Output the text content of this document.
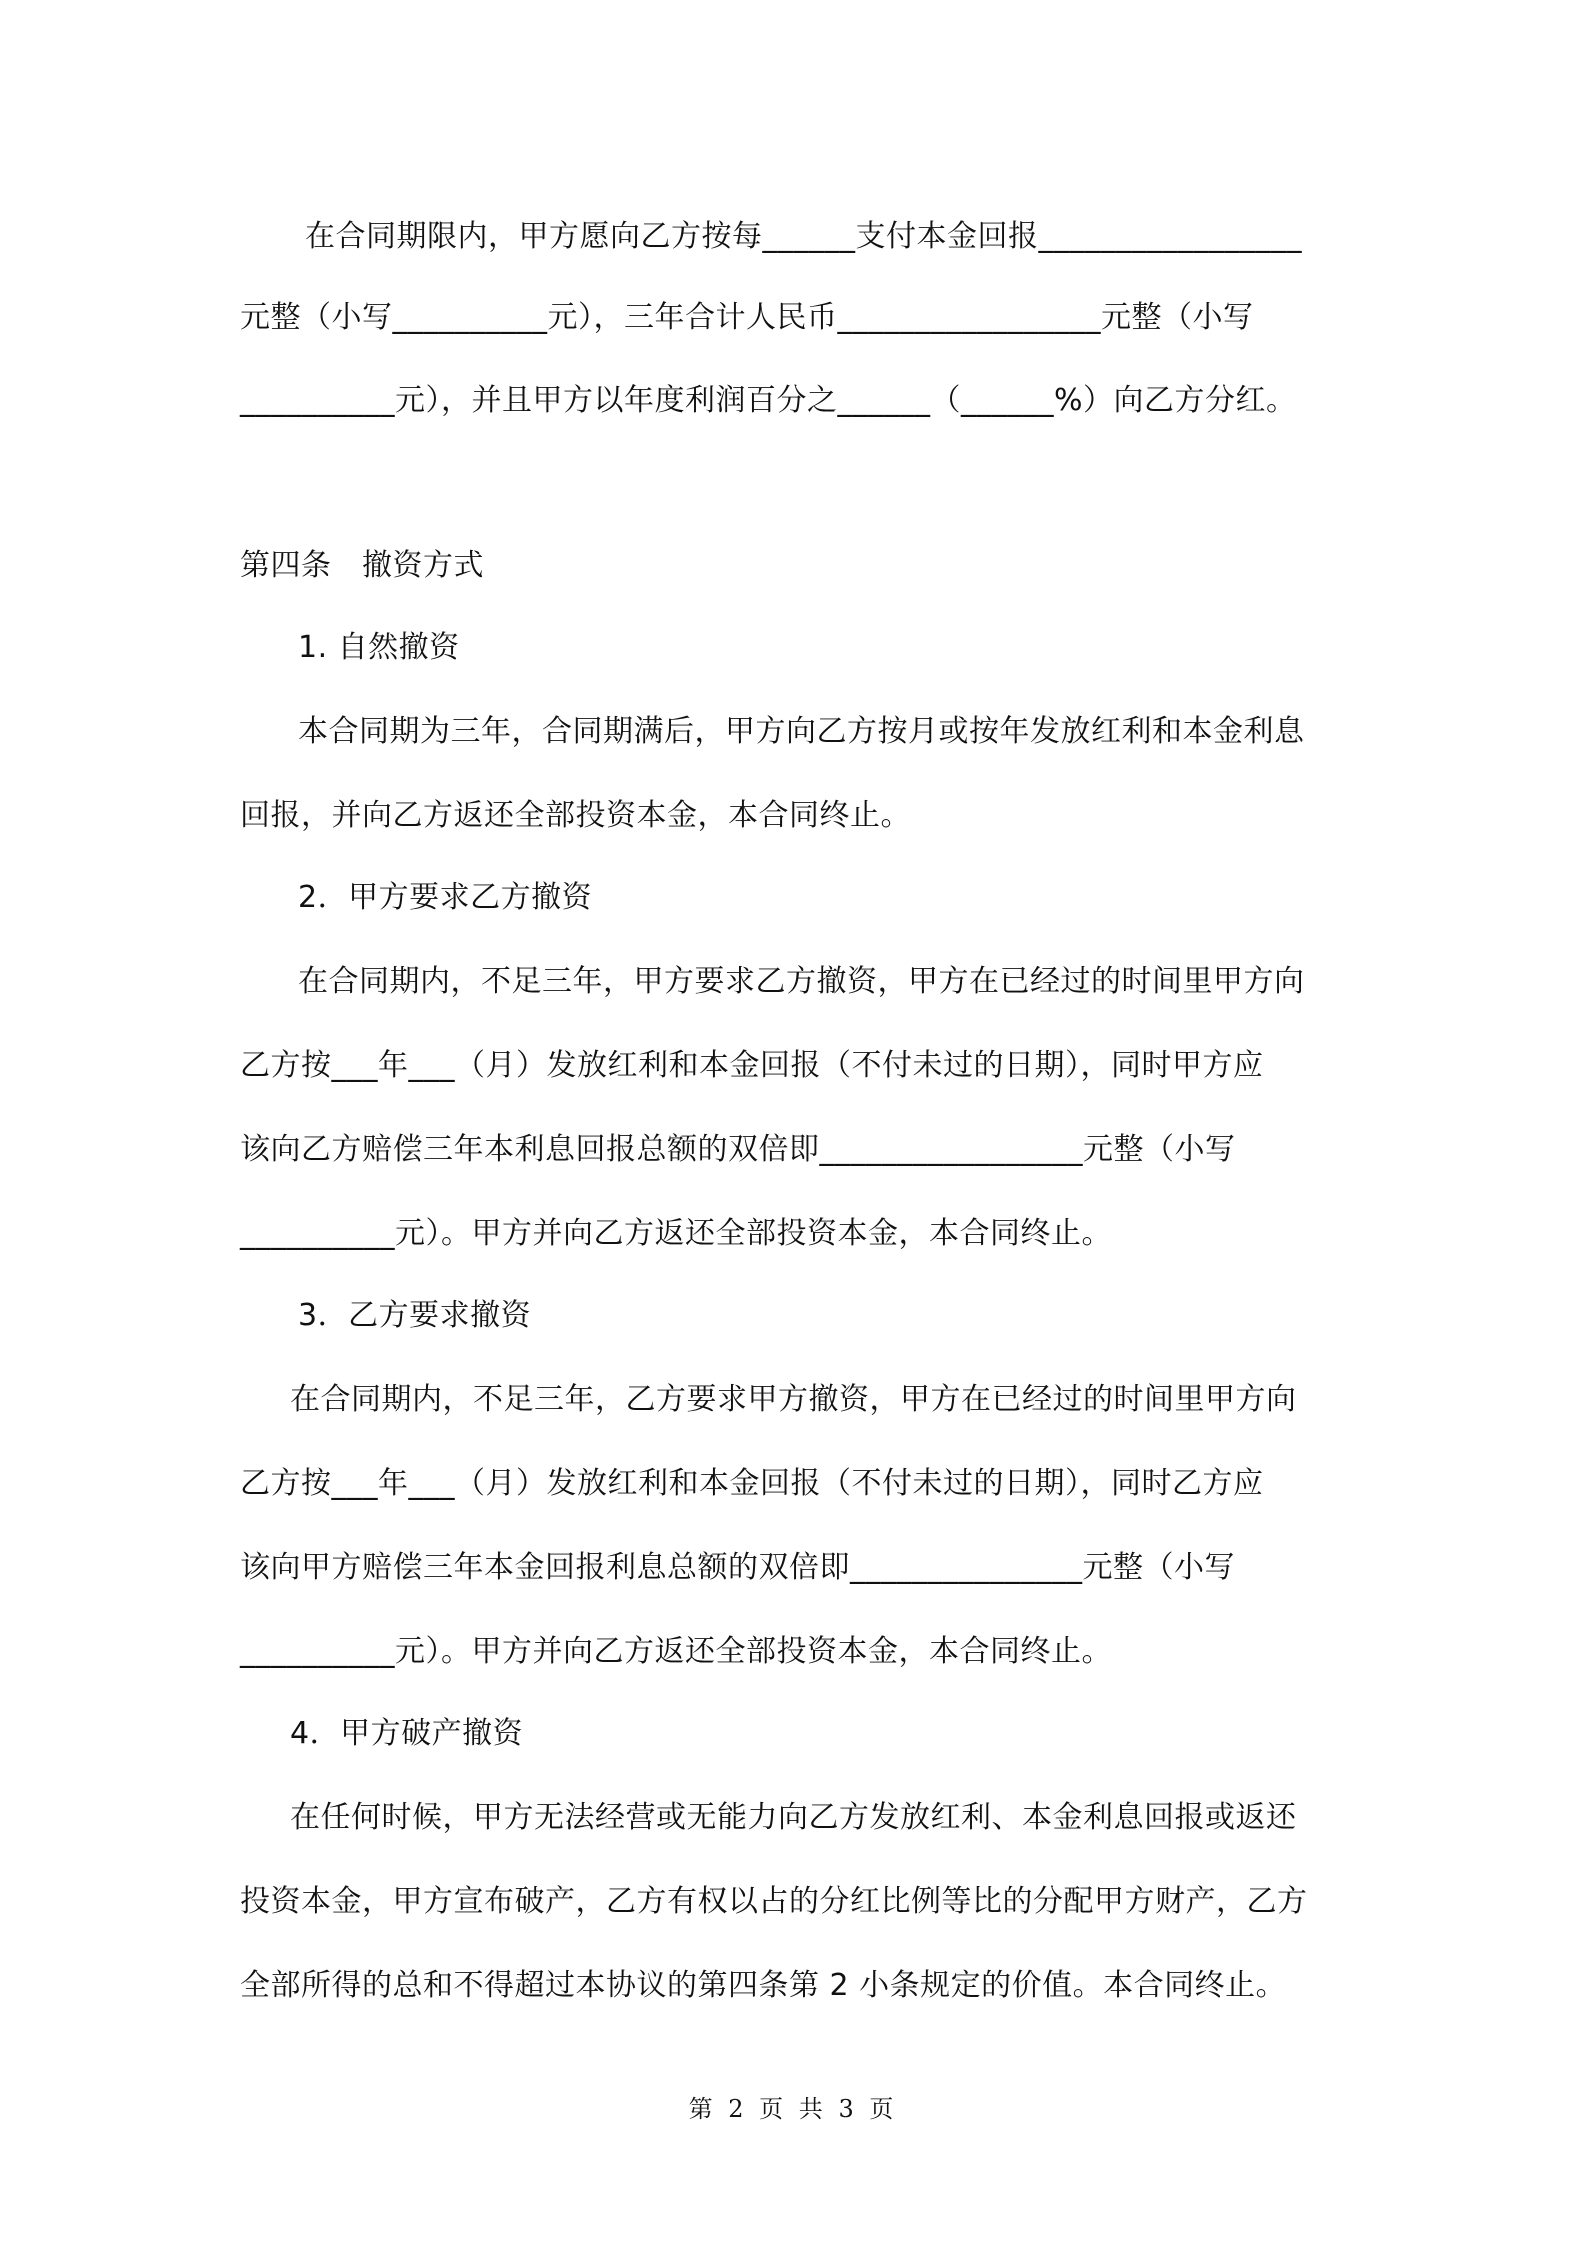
在合同期限内，甲方愿向乙方按每______支付本金回报_________________
元整（小写__________元），三年合计人民币_________________元整（小写
__________元），并且甲方以年度利润百分之______（______%）向乙方分红。
第四条　撤资方式
1. 自然撤资
本合同期为三年，合同期满后，甲方向乙方按月或按年发放红利和本金利息
回报，并向乙方返还全部投资本金，本合同终止。
2．甲方要求乙方撤资
在合同期内，不足三年，甲方要求乙方撤资，甲方在已经过的时间里甲方向
乙方按___年___（月）发放红利和本金回报（不付未过的日期），同时甲方应
该向乙方赔偿三年本利息回报总额的双倍即_________________元整（小写
__________元）。甲方并向乙方返还全部投资本金，本合同终止。
3．乙方要求撤资
在合同期内，不足三年，乙方要求甲方撤资，甲方在已经过的时间里甲方向
乙方按___年___（月）发放红利和本金回报（不付未过的日期），同时乙方应
该向甲方赔偿三年本金回报利息总额的双倍即_______________元整（小写
__________元）。甲方并向乙方返还全部投资本金，本合同终止。
4．甲方破产撤资
在任何时候，甲方无法经营或无能力向乙方发放红利、本金利息回报或返还
投资本金，甲方宣布破产，乙方有权以占的分红比例等比的分配甲方财产，乙方
全部所得的总和不得超过本协议的第四条第 2 小条规定的价值。本合同终止。
第 2 页 共 3 页
